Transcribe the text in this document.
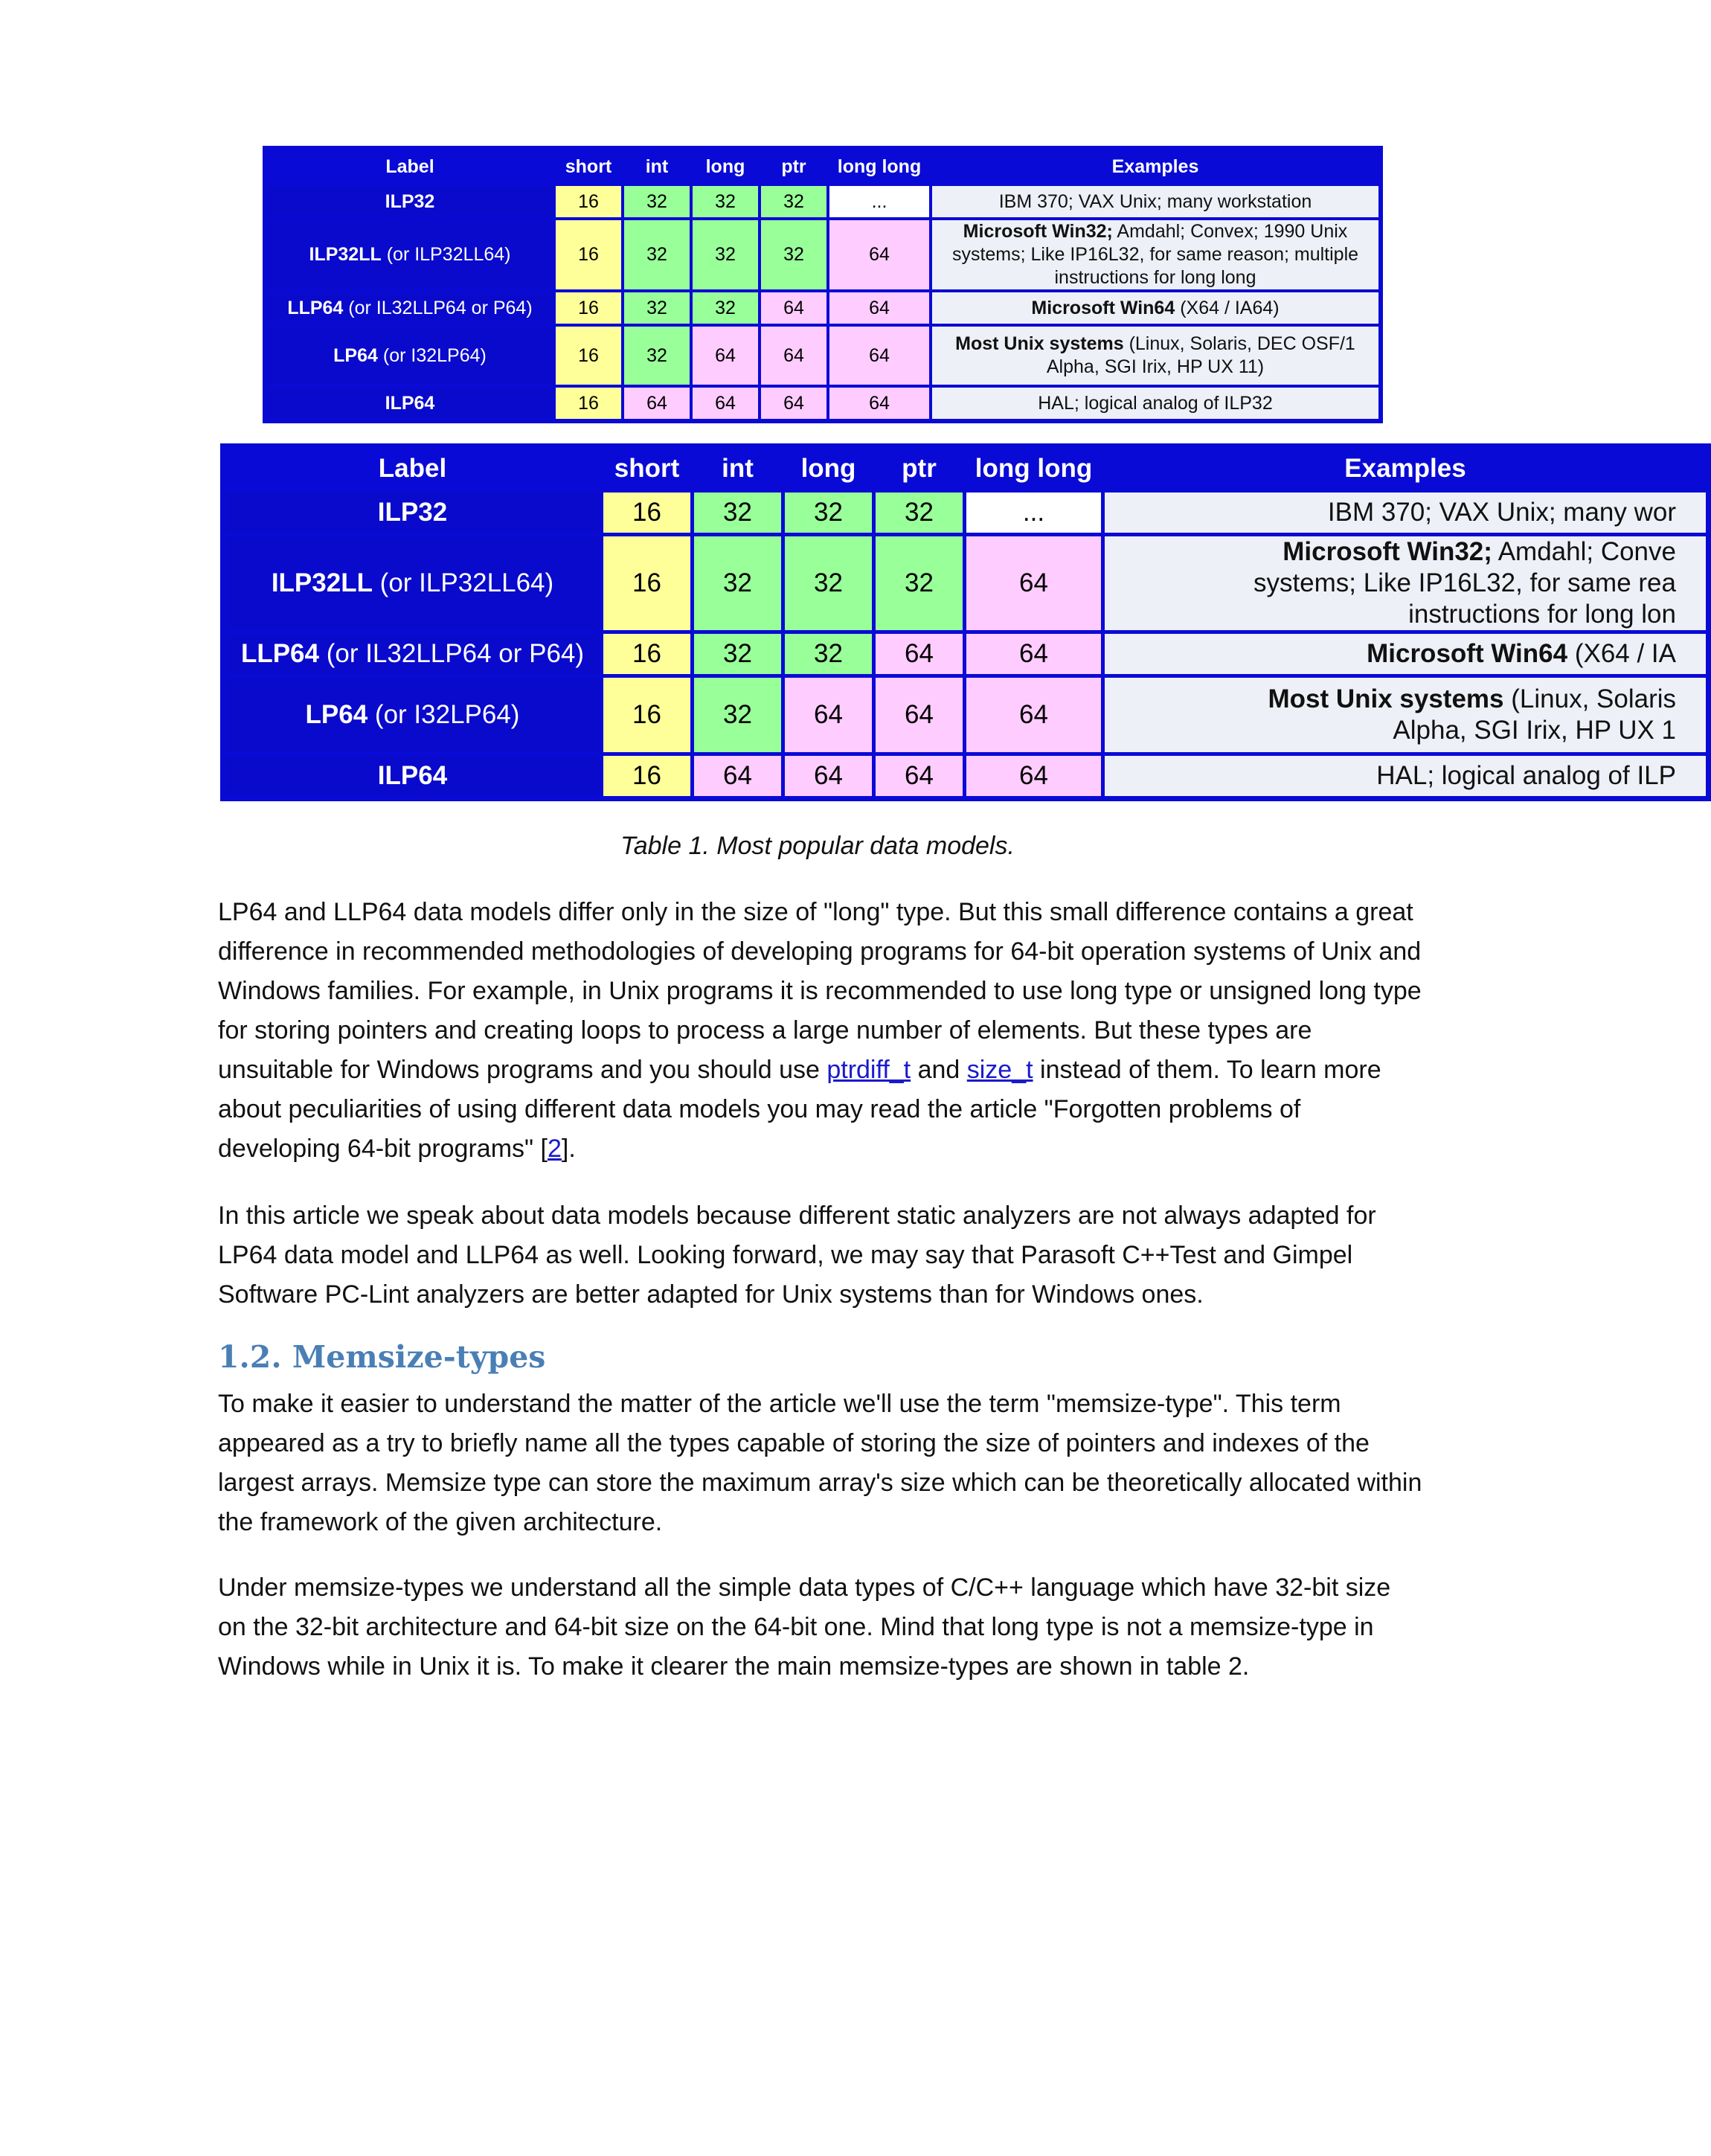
Label	short	int	long	ptr	long long	Examples
ILP32	16	32	32	32	...	IBM 370; VAX Unix; many workstation
ILP32LL (or ILP32LL64)	16	32	32	32	64	Microsoft Win32; Amdahl; Convex; 1990 Unix systems; Like IP16L32, for same reason; multiple instructions for long long
LLP64 (or IL32LLP64 or P64)	16	32	32	64	64	Microsoft Win64 (X64 / IA64)
LP64 (or I32LP64)	16	32	64	64	64	Most Unix systems (Linux, Solaris, DEC OSF/1 Alpha, SGI Irix, HP UX 11)
ILP64	16	64	64	64	64	HAL; logical analog of ILP32
Label	short	int	long	ptr	long long	Examples
ILP32	16	32	32	32	...	IBM 370; VAX Unix; many wor
ILP32LL (or ILP32LL64)	16	32	32	32	64	Microsoft Win32; Amdahl; Conve
systems; Like IP16L32, for same rea
instructions for long lon

LLP64 (or IL32LLP64 or P64)	16	32	32	64	64	Microsoft Win64 (X64 / IA
LP64 (or I32LP64)	16	32	64	64	64	Most Unix systems (Linux, Solaris
Alpha, SGI Irix, HP UX 1

ILP64	16	64	64	64	64	HAL; logical analog of ILP
Table 1. Most popular data models.

LP64 and LLP64 data models differ only in the size of "long" type. But this small difference contains a great difference in recommended methodologies of developing programs for 64-bit operation systems of Unix and Windows families. For example, in Unix programs it is recommended to use long type or unsigned long type for storing pointers and creating loops to process a large number of elements. But these types are unsuitable for Windows programs and you should use ptrdiff_t and size_t instead of them. To learn more about peculiarities of using different data models you may read the article "Forgotten problems of developing 64-bit programs" [2].

In this article we speak about data models because different static analyzers are not always adapted for LP64 data model and LLP64 as well. Looking forward, we may say that Parasoft C++Test and Gimpel Software PC-Lint analyzers are better adapted for Unix systems than for Windows ones.

1.2. Memsize-types

To make it easier to understand the matter of the article we'll use the term "memsize-type". This term appeared as a try to briefly name all the types capable of storing the size of pointers and indexes of the largest arrays. Memsize type can store the maximum array's size which can be theoretically allocated within the framework of the given architecture.

Under memsize-types we understand all the simple data types of C/C++ language which have 32-bit size on the 32-bit architecture and 64-bit size on the 64-bit one. Mind that long type is not a memsize-type in Windows while in Unix it is. To make it clearer the main memsize-types are shown in table 2.
